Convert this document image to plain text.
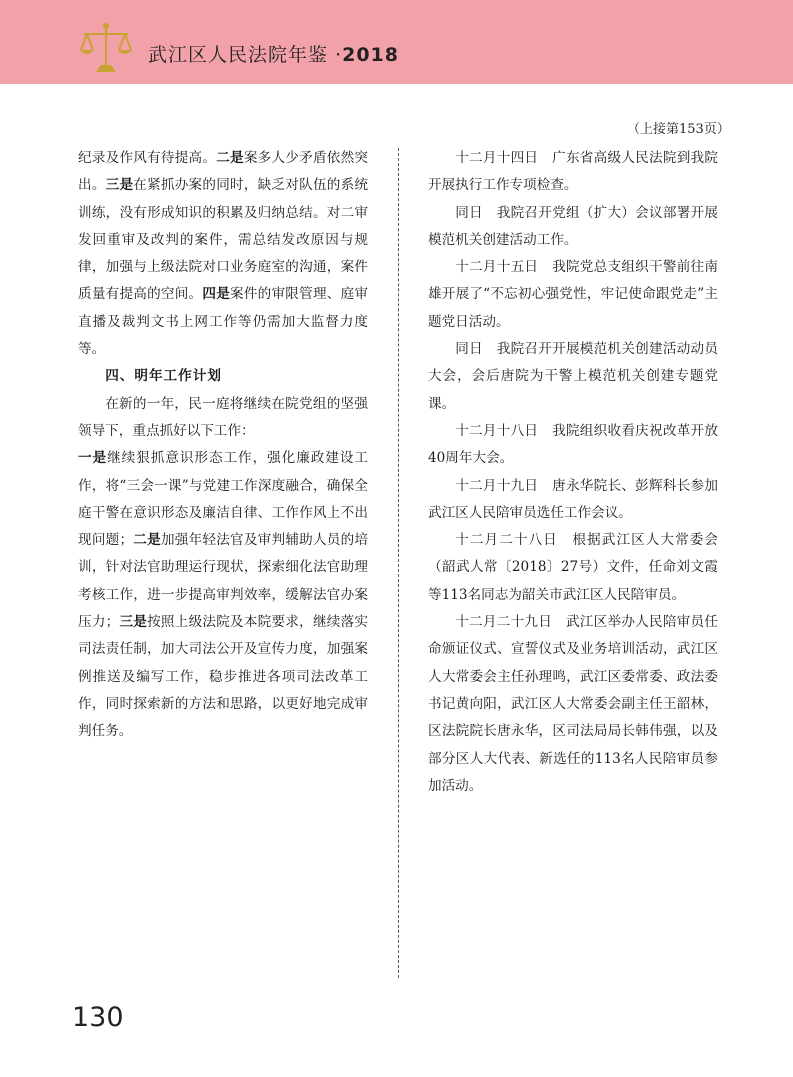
武江区人民法院年鉴 ·2018
（上接第153页）

纪录及作风有待提高。二是案多人少矛盾依然突出。三是在紧抓办案的同时，缺乏对队伍的系统训练，没有形成知识的积累及归纳总结。对二审发回重审及改判的案件，需总结发改原因与规律，加强与上级法院对口业务庭室的沟通，案件质量有提高的空间。四是案件的审限管理、庭审直播及裁判文书上网工作等仍需加大监督力度等。

四、明年工作计划

在新的一年，民一庭将继续在院党组的坚强领导下，重点抓好以下工作：

一是继续狠抓意识形态工作，强化廉政建设工作，将“三会一课”与党建工作深度融合，确保全庭干警在意识形态及廉洁自律、工作作风上不出现问题；二是加强年轻法官及审判辅助人员的培训，针对法官助理运行现状，探索细化法官助理考核工作，进一步提高审判效率，缓解法官办案压力；三是按照上级法院及本院要求，继续落实司法责任制，加大司法公开及宣传力度，加强案例推送及编写工作，稳步推进各项司法改革工作，同时探索新的方法和思路，以更好地完成审判任务。

十二月十四日　广东省高级人民法院到我院开展执行工作专项检查。

同日　我院召开党组（扩大）会议部署开展模范机关创建活动工作。

十二月十五日　我院党总支组织干警前往南雄开展了“不忘初心强党性，牢记使命跟党走”主题党日活动。

同日　我院召开开展模范机关创建活动动员大会，会后唐院为干警上模范机关创建专题党课。

十二月十八日　我院组织收看庆祝改革开放40周年大会。

十二月十九日　唐永华院长、彭辉科长参加武江区人民陪审员选任工作会议。

十二月二十八日　根据武江区人大常委会（韶武人常〔2018〕27号）文件，任命刘文霞等113名同志为韶关市武江区人民陪审员。

十二月二十九日　武江区举办人民陪审员任命颁证仪式、宣誓仪式及业务培训活动，武江区人大常委会主任孙理鸣，武江区委常委、政法委书记黄向阳，武江区人大常委会副主任王韶林，区法院院长唐永华，区司法局局长韩伟强，以及部分区人大代表、新选任的113名人民陪审员参加活动。

130
